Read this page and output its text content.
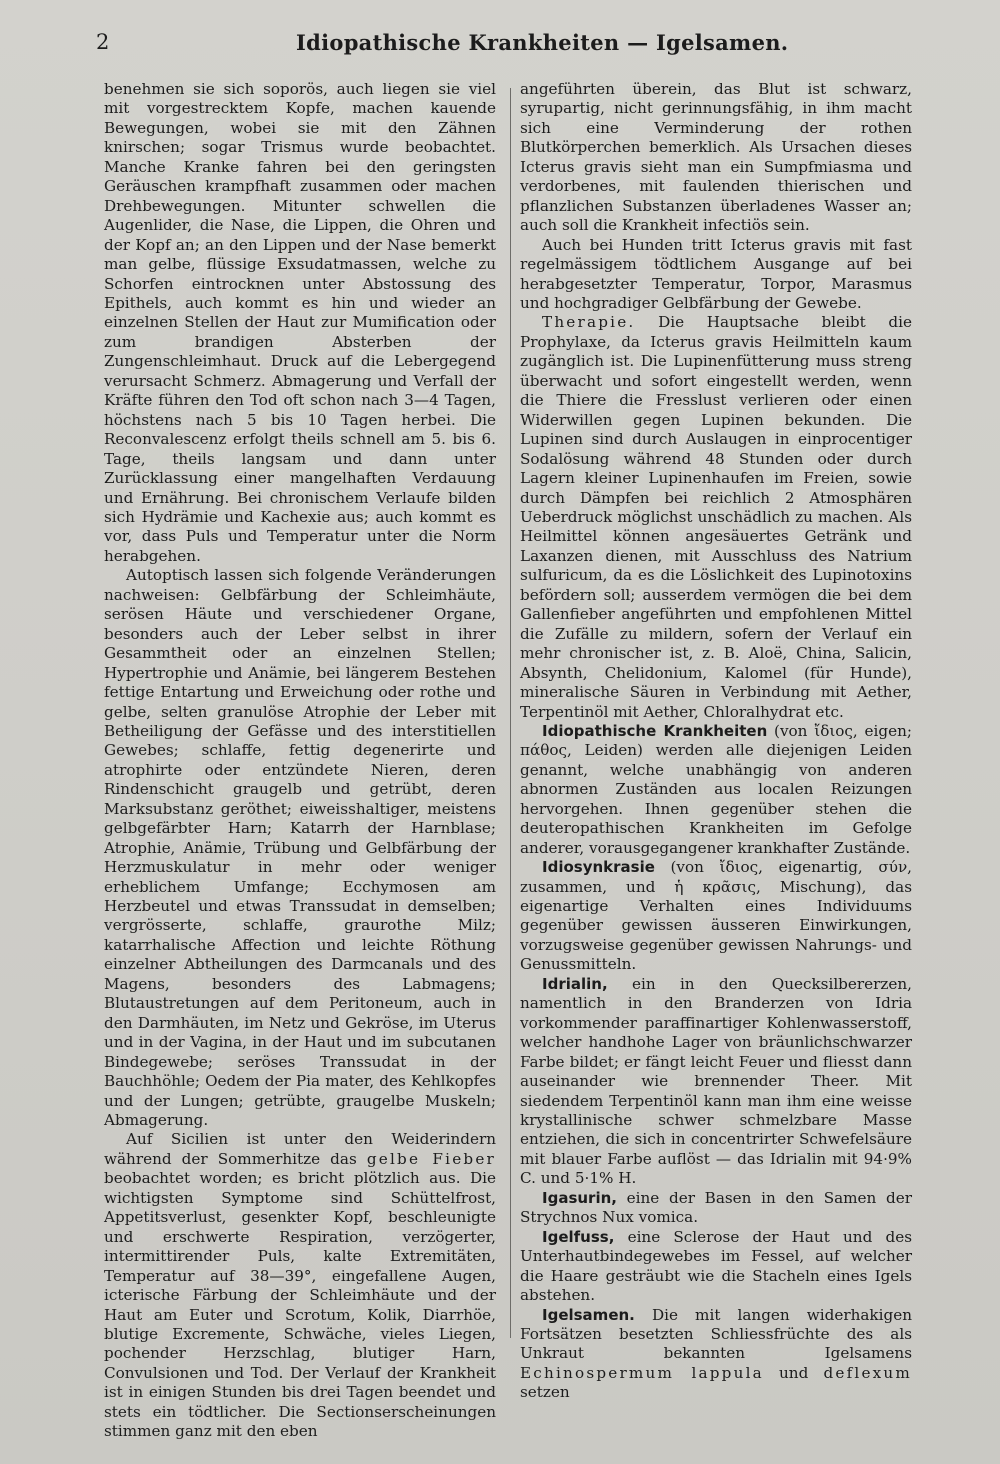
2	Idiopathische Krankheiten — Igelsamen.

benehmen sie sich soporös, auch liegen sie viel mit vorgestrecktem Kopfe, machen kauende Bewegungen, wobei sie mit den Zähnen knirschen; sogar Trismus wurde beobachtet. Manche Kranke fahren bei den geringsten Geräuschen krampfhaft zusammen oder machen Drehbewegungen. Mitunter schwellen die Augenlider, die Nase, die Lippen, die Ohren und der Kopf an; an den Lippen und der Nase bemerkt man gelbe, flüssige Exsudatmassen, welche zu Schorfen eintrocknen unter Abstossung des Epithels, auch kommt es hin und wieder an einzelnen Stellen der Haut zur Mumification oder zum brandigen Absterben der Zungenschleimhaut. Druck auf die Lebergegend verursacht Schmerz. Abmagerung und Verfall der Kräfte führen den Tod oft schon nach 3—4 Tagen, höchstens nach 5 bis 10 Tagen herbei. Die Reconvalescenz erfolgt theils schnell am 5. bis 6. Tage, theils langsam und dann unter Zurücklassung einer mangelhaften Verdauung und Ernährung. Bei chronischem Verlaufe bilden sich Hydrämie und Kachexie aus; auch kommt es vor, dass Puls und Temperatur unter die Norm herabgehen.

Autoptisch lassen sich folgende Veränderungen nachweisen: Gelbfärbung der Schleimhäute, serösen Häute und verschiedener Organe, besonders auch der Leber selbst in ihrer Gesammtheit oder an einzelnen Stellen; Hypertrophie und Anämie, bei längerem Bestehen fettige Entartung und Erweichung oder rothe und gelbe, selten granulöse Atrophie der Leber mit Betheiligung der Gefässe und des interstitiellen Gewebes; schlaffe, fettig degenerirte und atrophirte oder entzündete Nieren, deren Rindenschicht graugelb und getrübt, deren Marksubstanz geröthet; eiweisshaltiger, meistens gelbgefärbter Harn; Katarrh der Harnblase; Atrophie, Anämie, Trübung und Gelbfärbung der Herzmuskulatur in mehr oder weniger erheblichem Umfange; Ecchymosen am Herzbeutel und etwas Transsudat in demselben; vergrösserte, schlaffe, graurothe Milz; katarrhalische Affection und leichte Röthung einzelner Abtheilungen des Darmcanals und des Magens, besonders des Labmagens; Blutaustretungen auf dem Peritoneum, auch in den Darmhäuten, im Netz und Gekröse, im Uterus und in der Vagina, in der Haut und im subcutanen Bindegewebe; seröses Transsudat in der Bauchhöhle; Oedem der Pia mater, des Kehlkopfes und der Lungen; getrübte, graugelbe Muskeln; Abmagerung.

Auf Sicilien ist unter den Weiderindern während der Sommerhitze das gelbe Fieber beobachtet worden; es bricht plötzlich aus. Die wichtigsten Symptome sind Schüttelfrost, Appetitsverlust, gesenkter Kopf, beschleunigte und erschwerte Respiration, verzögerter, intermittirender Puls, kalte Extremitäten, Temperatur auf 38—39°, eingefallene Augen, icterische Färbung der Schleimhäute und der Haut am Euter und Scrotum, Kolik, Diarrhöe, blutige Excremente, Schwäche, vieles Liegen, pochender Herzschlag, blutiger Harn, Convulsionen und Tod. Der Verlauf der Krankheit ist in einigen Stunden bis drei Tagen beendet und stets ein tödtlicher. Die Sectionserscheinungen stimmen ganz mit den eben

angeführten überein, das Blut ist schwarz, syrupartig, nicht gerinnungsfähig, in ihm macht sich eine Verminderung der rothen Blutkörperchen bemerklich. Als Ursachen dieses Icterus gravis sieht man ein Sumpfmiasma und verdorbenes, mit faulenden thierischen und pflanzlichen Substanzen überladenes Wasser an; auch soll die Krankheit infectiös sein.

Auch bei Hunden tritt Icterus gravis mit fast regelmässigem tödtlichem Ausgange auf bei herabgesetzter Temperatur, Torpor, Marasmus und hochgradiger Gelbfärbung der Gewebe.

Therapie. Die Hauptsache bleibt die Prophylaxe, da Icterus gravis Heilmitteln kaum zugänglich ist. Die Lupinenfütterung muss streng überwacht und sofort eingestellt werden, wenn die Thiere die Fresslust verlieren oder einen Widerwillen gegen Lupinen bekunden. Die Lupinen sind durch Auslaugen in einprocentiger Sodalösung während 48 Stunden oder durch Lagern kleiner Lupinenhaufen im Freien, sowie durch Dämpfen bei reichlich 2 Atmosphären Ueberdruck möglichst unschädlich zu machen. Als Heilmittel können angesäuertes Getränk und Laxanzen dienen, mit Ausschluss des Natrium sulfuricum, da es die Löslichkeit des Lupinotoxins befördern soll; ausserdem vermögen die bei dem Gallenfieber angeführten und empfohlenen Mittel die Zufälle zu mildern, sofern der Verlauf ein mehr chronischer ist, z. B. Aloë, China, Salicin, Absynth, Chelidonium, Kalomel (für Hunde), mineralische Säuren in Verbindung mit Aether, Terpentinöl mit Aether, Chloralhydrat etc.

Idiopathische Krankheiten (von ἴδιος, eigen; πάθος, Leiden) werden alle diejenigen Leiden genannt, welche unabhängig von anderen abnormen Zuständen aus localen Reizungen hervorgehen. Ihnen gegenüber stehen die deuteropathischen Krankheiten im Gefolge anderer, vorausgegangener krankhafter Zustände.

Idiosynkrasie (von ἴδιος, eigenartig, σύν, zusammen, und ἡ κρᾶσις, Mischung), das eigenartige Verhalten eines Individuums gegenüber gewissen äusseren Einwirkungen, vorzugsweise gegenüber gewissen Nahrungs- und Genussmitteln.

Idrialin, ein in den Quecksilbererzen, namentlich in den Branderzen von Idria vorkommender paraffinartiger Kohlenwasserstoff, welcher handhohe Lager von bräunlichschwarzer Farbe bildet; er fängt leicht Feuer und fliesst dann auseinander wie brennender Theer. Mit siedendem Terpentinöl kann man ihm eine weisse krystallinische schwer schmelzbare Masse entziehen, die sich in concentrirter Schwefelsäure mit blauer Farbe auflöst — das Idrialin mit 94·9% C. und 5·1% H.

Igasurin, eine der Basen in den Samen der Strychnos Nux vomica.

Igelfuss, eine Sclerose der Haut und des Unterhautbindegewebes im Fessel, auf welcher die Haare gesträubt wie die Stacheln eines Igels abstehen.

Igelsamen. Die mit langen widerhakigen Fortsätzen besetzten Schliessfrüchte des als Unkraut bekannten Igelsamens Echinospermum lappula und deflexum setzen
